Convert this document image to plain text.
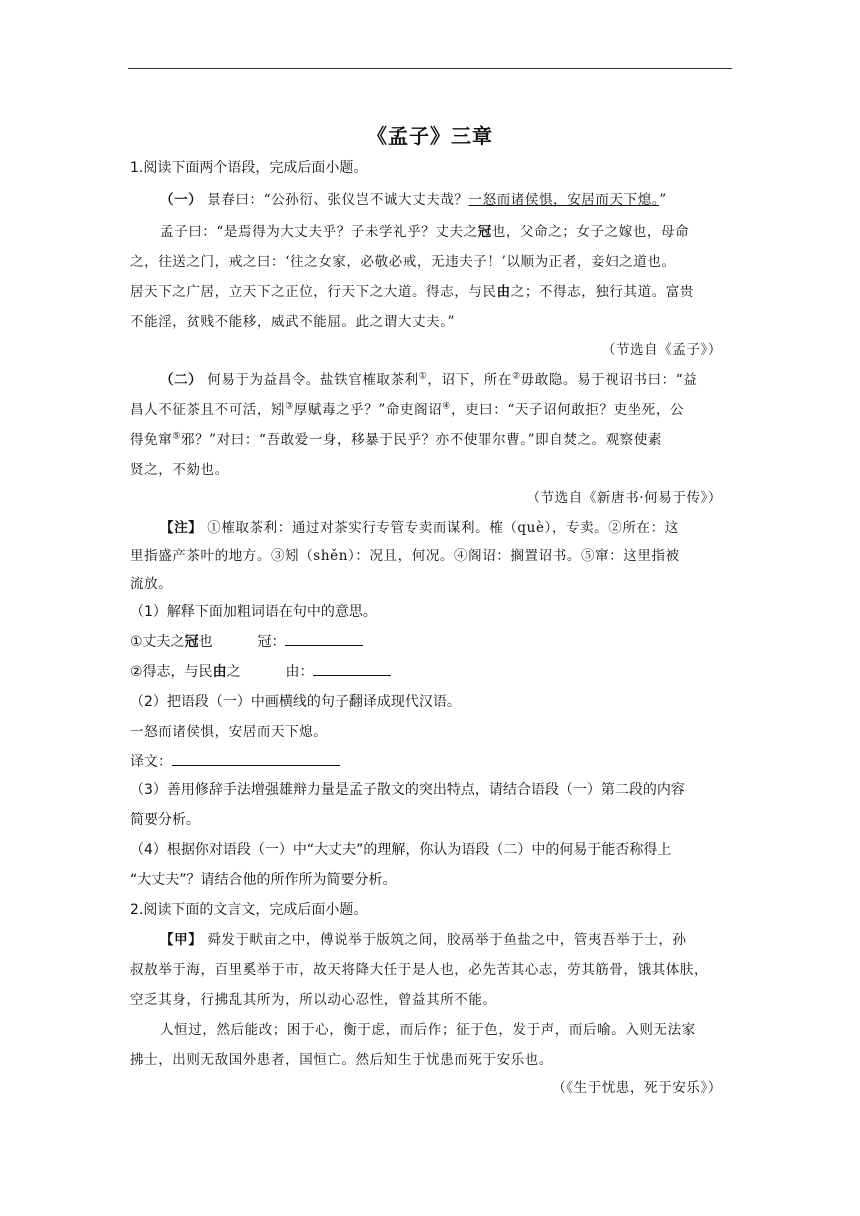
《孟子》三章
1.阅读下面两个语段，完成后面小题。
（一） 景春曰：“公孙衍、张仪岂不诚大丈夫哉？一怒而诸侯惧，安居而天下熄。”
孟子曰：“是焉得为大丈夫乎？子未学礼乎？丈夫之冠也，父命之；女子之嫁也，母命
之，往送之门，戒之曰：‘往之女家，必敬必戒，无违夫子！’以顺为正者，妾妇之道也。
居天下之广居，立天下之正位，行天下之大道。得志，与民由之；不得志，独行其道。富贵
不能淫，贫贱不能移，威武不能屈。此之谓大丈夫。”
（节选自《孟子》）
（二） 何易于为益昌令。盐铁官榷取茶利①，诏下，所在②毋敢隐。易于视诏书曰：“益
昌人不征茶且不可活，矧③厚赋毒之乎？”命吏阁诏④，吏曰：“天子诏何敢拒？吏坐死，公
得免窜⑤邪？”对曰：“吾敢爱一身，移暴于民乎？亦不使罪尔曹。”即自焚之。观察使素
贤之，不劾也。
（节选自《新唐书·何易于传》）
【注】 ①榷取茶利：通过对茶实行专管专卖而谋利。榷（què），专卖。②所在：这
里指盛产茶叶的地方。③矧（shěn）：况且，何况。④阁诏：搁置诏书。⑤窜：这里指被
流放。
（1）解释下面加粗词语在句中的意思。
①丈夫之冠也	冠：
②得志，与民由之	由：
（2）把语段（一）中画横线的句子翻译成现代汉语。
一怒而诸侯惧，安居而天下熄。
译文：
（3）善用修辞手法增强雄辩力量是孟子散文的突出特点，请结合语段（一）第二段的内容
简要分析。
（4）根据你对语段（一）中“大丈夫”的理解，你认为语段（二）中的何易于能否称得上
“大丈夫”？请结合他的所作所为简要分析。
2.阅读下面的文言文，完成后面小题。
【甲】 舜发于畎亩之中，傅说举于版筑之间，胶鬲举于鱼盐之中，管夷吾举于士，孙
叔敖举于海，百里奚举于市，故天将降大任于是人也，必先苦其心志，劳其筋骨，饿其体肤，
空乏其身，行拂乱其所为，所以动心忍性，曾益其所不能。
人恒过，然后能改；困于心，衡于虑，而后作；征于色，发于声，而后喻。入则无法家
拂士，出则无敌国外患者，国恒亡。然后知生于忧患而死于安乐也。
（《生于忧患，死于安乐》）
